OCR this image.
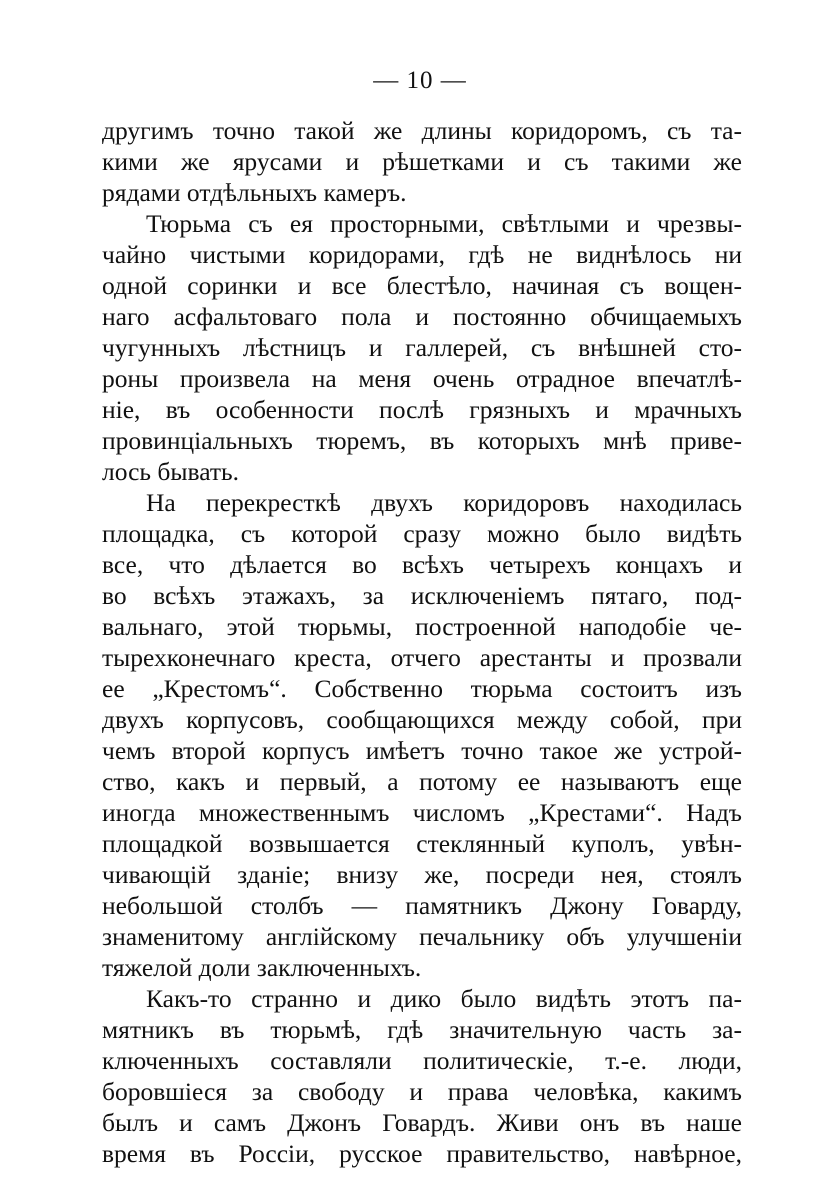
— 10 —
другимъ точно такой же длины коридоромъ, съ та-
кими же ярусами и рѣшетками и съ такими же
рядами отдѣльныхъ камеръ.
Тюрьма съ ея просторными, свѣтлыми и чрезвы-
чайно чистыми коридорами, гдѣ не виднѣлось ни
одной соринки и все блестѣло, начиная съ вощен-
наго асфальтоваго пола и постоянно обчищаемыхъ
чугунныхъ лѣстницъ и галлерей, съ внѣшней сто-
роны произвела на меня очень отрадное впечатлѣ-
ніе, въ особенности послѣ грязныхъ и мрачныхъ
провинціальныхъ тюремъ, въ которыхъ мнѣ приве-
лось бывать.
На перекресткѣ двухъ коридоровъ находилась
площадка, съ которой сразу можно было видѣть
все, что дѣлается во всѣхъ четырехъ концахъ и
во всѣхъ этажахъ, за исключеніемъ пятаго, под-
вальнаго, этой тюрьмы, построенной наподобіе че-
тырехконечнаго креста, отчего арестанты и прозвали
ее „Крестомъ“. Собственно тюрьма состоитъ изъ
двухъ корпусовъ, сообщающихся между собой, при
чемъ второй корпусъ имѣетъ точно такое же устрой-
ство, какъ и первый, а потому ее называютъ еще
иногда множественнымъ числомъ „Крестами“. Надъ
площадкой возвышается стеклянный куполъ, увѣн-
чивающій зданіе; внизу же, посреди нея, стоялъ
небольшой столбъ — памятникъ Джону Говарду,
знаменитому англійскому печальнику объ улучшеніи
тяжелой доли заключенныхъ.
Какъ-то странно и дико было видѣть этотъ па-
мятникъ въ тюрьмѣ, гдѣ значительную часть за-
ключенныхъ составляли политическіе, т.-е. люди,
боровшіеся за свободу и права человѣка, какимъ
былъ и самъ Джонъ Говардъ. Живи онъ въ наше
время въ Россіи, русское правительство, навѣрное,
